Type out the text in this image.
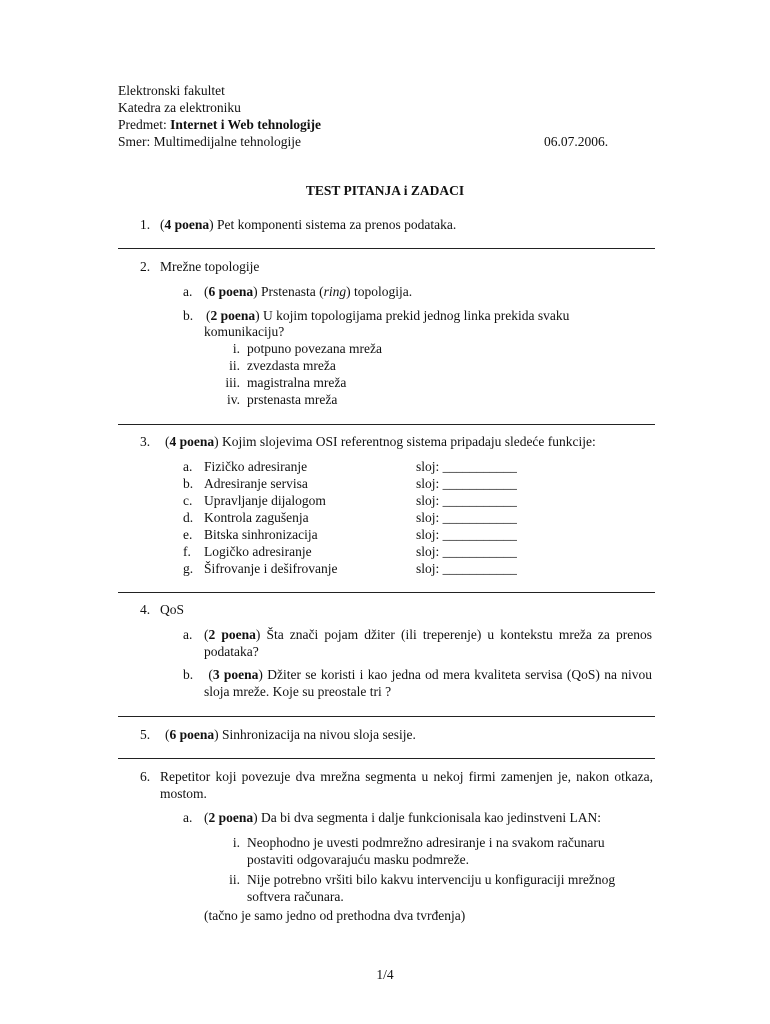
Elektronski fakultet
Katedra za elektroniku
Predmet: Internet i Web tehnologije
Smer: Multimedijalne tehnologije	06.07.2006.
TEST PITANJA i ZADACI
1. (4 poena) Pet komponenti sistema za prenos podataka.
2. Mrežne topologije
a. (6 poena) Prstenasta (ring) topologija.
b. (2 poena) U kojim topologijama prekid jednog linka prekida svaku
komunikaciju?
i. potpuno povezana mreža
ii. zvezdasta mreža
iii. magistralna mreža
iv. prstenasta mreža
3. (4 poena) Kojim slojevima OSI referentnog sistema pripadaju sledeće funkcije:
a. Fizičko adresiranje	sloj: ___________
b. Adresiranje servisa	sloj: ___________
c. Upravljanje dijalogom	sloj: ___________
d. Kontrola zagušenja	sloj: ___________
e. Bitska sinhronizacija	sloj: ___________
f. Logičko adresiranje	sloj: ___________
g. Šifrovanje i dešifrovanje	sloj: ___________
4. QoS
a. (2 poena) Šta znači pojam džiter (ili treperenje) u kontekstu mreža za prenos podataka?
b. (3 poena) Džiter se koristi i kao jedna od mera kvaliteta servisa (QoS) na nivou sloja mreže. Koje su preostale tri ?
5. (6 poena) Sinhronizacija na nivou sloja sesije.
6. Repetitor koji povezuje dva mrežna segmenta u nekoj firmi zamenjen je, nakon otkaza, mostom.
a. (2 poena) Da bi dva segmenta i dalje funkcionisala kao jedinstveni LAN:
i. Neophodno je uvesti podmrežno adresiranje i na svakom računaru
postaviti odgovarajuću masku podmreže.
ii. Nije potrebno vršiti bilo kakvu intervenciju u konfiguraciji mrežnog
softvera računara.
(tačno je samo jedno od prethodna dva tvrđenja)
1/4
